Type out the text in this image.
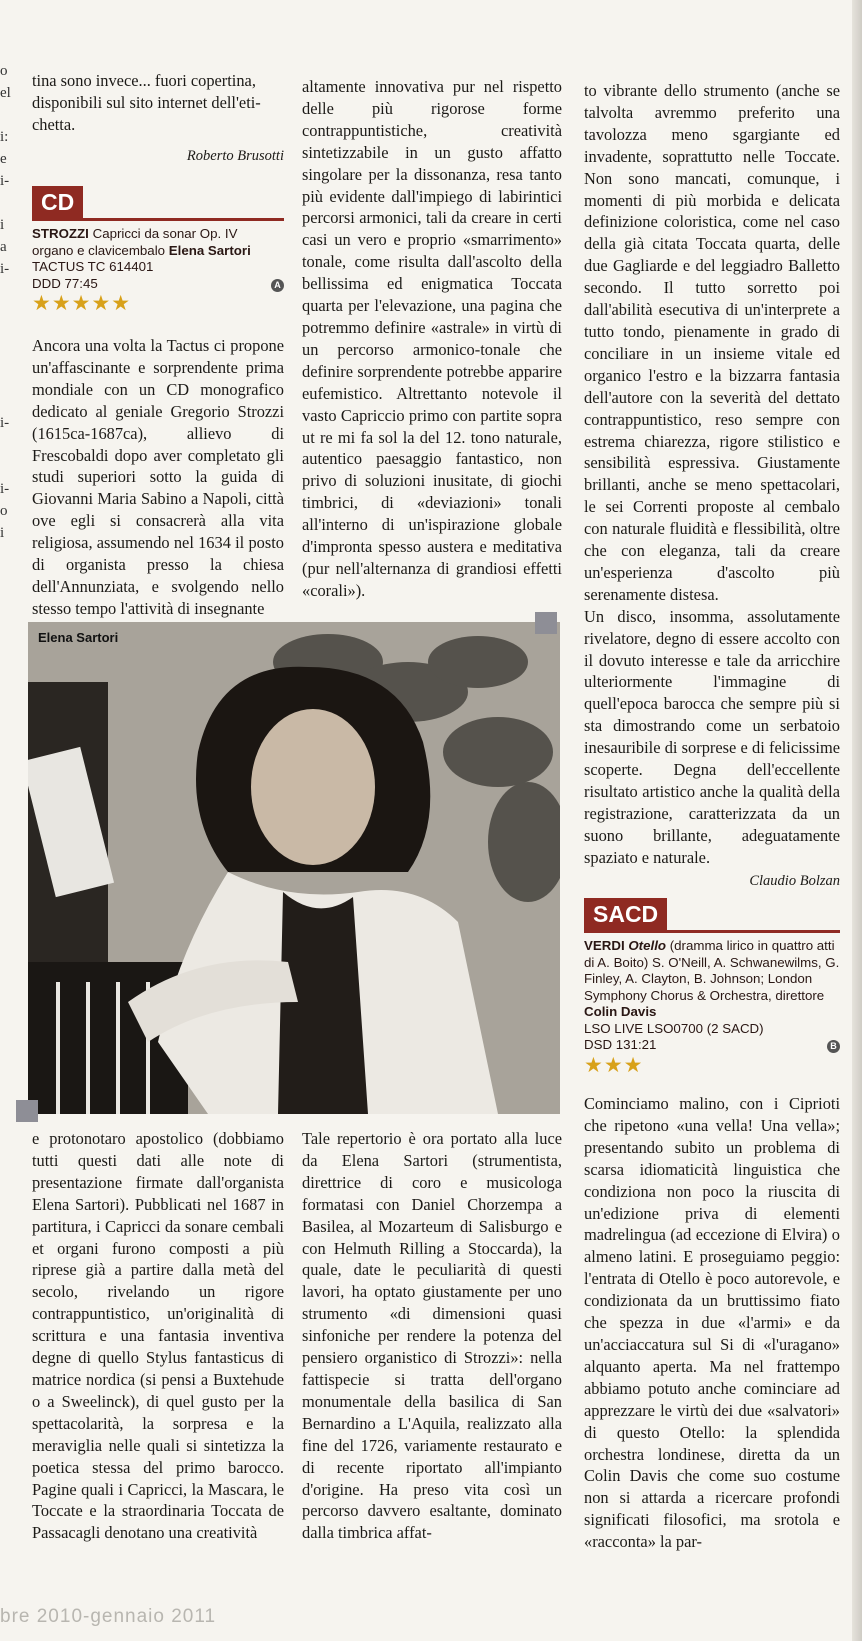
o
el
i:
e
i-
i
a
i-
i-
i-
o
i

tina sono invece... fuori copertina,

disponibili sul sito internet dell'eti-

chetta.

Roberto Brusotti
CD
STROZZI Capricci da sonar Op. IV
organo e clavicembalo Elena Sartori
TACTUS TC 614401
DDD 77:45	A
★★★★★

Ancora una volta la Tactus ci propone un'affascinante e sorprendente prima mondiale con un CD monografico dedicato al geniale Gregorio Strozzi (1615ca-1687ca), allievo di Frescobaldi dopo aver completato gli studi superiori sotto la guida di Giovanni Maria Sabino a Napoli, città ove egli si consacrerà alla vita religiosa, assumendo nel 1634 il posto di organista presso la chiesa dell'Annunziata, e svolgendo nello stesso tempo l'attività di insegnante

altamente innovativa pur nel rispetto delle più rigorose forme contrappuntistiche, creatività sintetizzabile in un gusto affatto singolare per la dissonanza, resa tanto più evidente dall'impiego di labirintici percorsi armonici, tali da creare in certi casi un vero e proprio «smarrimento» tonale, come risulta dall'ascolto della bellissima ed enigmatica Toccata quarta per l'elevazione, una pagina che potremmo definire «astrale» in virtù di un percorso armonico-tonale che definire sorprendente potrebbe apparire eufemistico. Altrettanto notevole il vasto Capriccio primo con partite sopra ut re mi fa sol la del 12. tono naturale, autentico paesaggio fantastico, non privo di soluzioni inusitate, di giochi timbrici, di «deviazioni» tonali all'interno di un'ispirazione globale d'impronta spesso austera e meditativa (pur nell'alternanza di grandiosi effetti «corali»).

to vibrante dello strumento (anche se talvolta avremmo preferito una tavolozza meno sgargiante ed invadente, soprattutto nelle Toccate. Non sono mancati, comunque, i momenti di più morbida e delicata definizione coloristica, come nel caso della già citata Toccata quarta, delle due Gagliarde e del leggiadro Balletto secondo. Il tutto sorretto poi dall'abilità esecutiva di un'interprete a tutto tondo, pienamente in grado di conciliare in un insieme vitale ed organico l'estro e la bizzarra fantasia dell'autore con la severità del dettato contrappuntistico, reso sempre con estrema chiarezza, rigore stilistico e sensibilità espressiva. Giustamente brillanti, anche se meno spettacolari, le sei Correnti proposte al cembalo con naturale fluidità e flessibilità, oltre che con eleganza, tali da creare un'esperienza d'ascolto più serenamente distesa.

Un disco, insomma, assolutamente rivelatore, degno di essere accolto con il dovuto interesse e tale da arricchire ulteriormente l'immagine di quell'epoca barocca che sempre più si sta dimostrando come un serbatoio inesauribile di sorprese e di felicissime scoperte. Degna dell'eccellente risultato artistico anche la qualità della registrazione, caratterizzata da un suono brillante, adeguatamente spaziato e naturale.

Claudio Bolzan
SACD
VERDI Otello (dramma lirico in quattro atti di A. Boito) S. O'Neill, A. Schwanewilms, G. Finley, A. Clayton, B. Johnson; London Symphony Chorus & Orchestra, direttore Colin Davis
LSO LIVE LSO0700 (2 SACD)
DSD 131:21	B
★★★

Cominciamo malino, con i Ciprioti che ripetono «una vella! Una vella»; presentando subito un problema di scarsa idiomaticità linguistica che condiziona non poco la riuscita di un'edizione priva di elementi madrelingua (ad eccezione di Elvira) o almeno latini. E proseguiamo peggio: l'entrata di Otello è poco autorevole, e condizionata da un bruttissimo fiato che spezza in due «l'armi» e da un'acciaccatura sul Si di «l'uragano» alquanto aperta. Ma nel frattempo abbiamo potuto anche cominciare ad apprezzare le virtù dei due «salvatori» di questo Otello: la splendida orchestra londinese, diretta da un Colin Davis che come suo costume non si attarda a ricercare profondi significati filosofici, ma srotola e «racconta» la par-

Elena Sartori

e protonotaro apostolico (dobbiamo tutti questi dati alle note di presentazione firmate dall'organista Elena Sartori). Pubblicati nel 1687 in partitura, i Capricci da sonare cembali et organi furono composti a più riprese già a partire dalla metà del secolo, rivelando un rigore contrappuntistico, un'originalità di scrittura e una fantasia inventiva degne di quello Stylus fantasticus di matrice nordica (si pensi a Buxtehude o a Sweelinck), di quel gusto per la spettacolarità, la sorpresa e la meraviglia nelle quali si sintetizza la poetica stessa del primo barocco. Pagine quali i Capricci, la Mascara, le Toccate e la straordinaria Toccata de Passacagli denotano una creatività

Tale repertorio è ora portato alla luce da Elena Sartori (strumentista, direttrice di coro e musicologa formatasi con Daniel Chorzempa a Basilea, al Mozarteum di Salisburgo e con Helmuth Rilling a Stoccarda), la quale, date le peculiarità di questi lavori, ha optato giustamente per uno strumento «di dimensioni quasi sinfoniche per rendere la potenza del pensiero organistico di Strozzi»: nella fattispecie si tratta dell'organo monumentale della basilica di San Bernardino a L'Aquila, realizzato alla fine del 1726, variamente restaurato e di recente riportato all'impianto d'origine. Ha preso vita così un percorso davvero esaltante, dominato dalla timbrica affat-

bre 2010-gennaio 2011
